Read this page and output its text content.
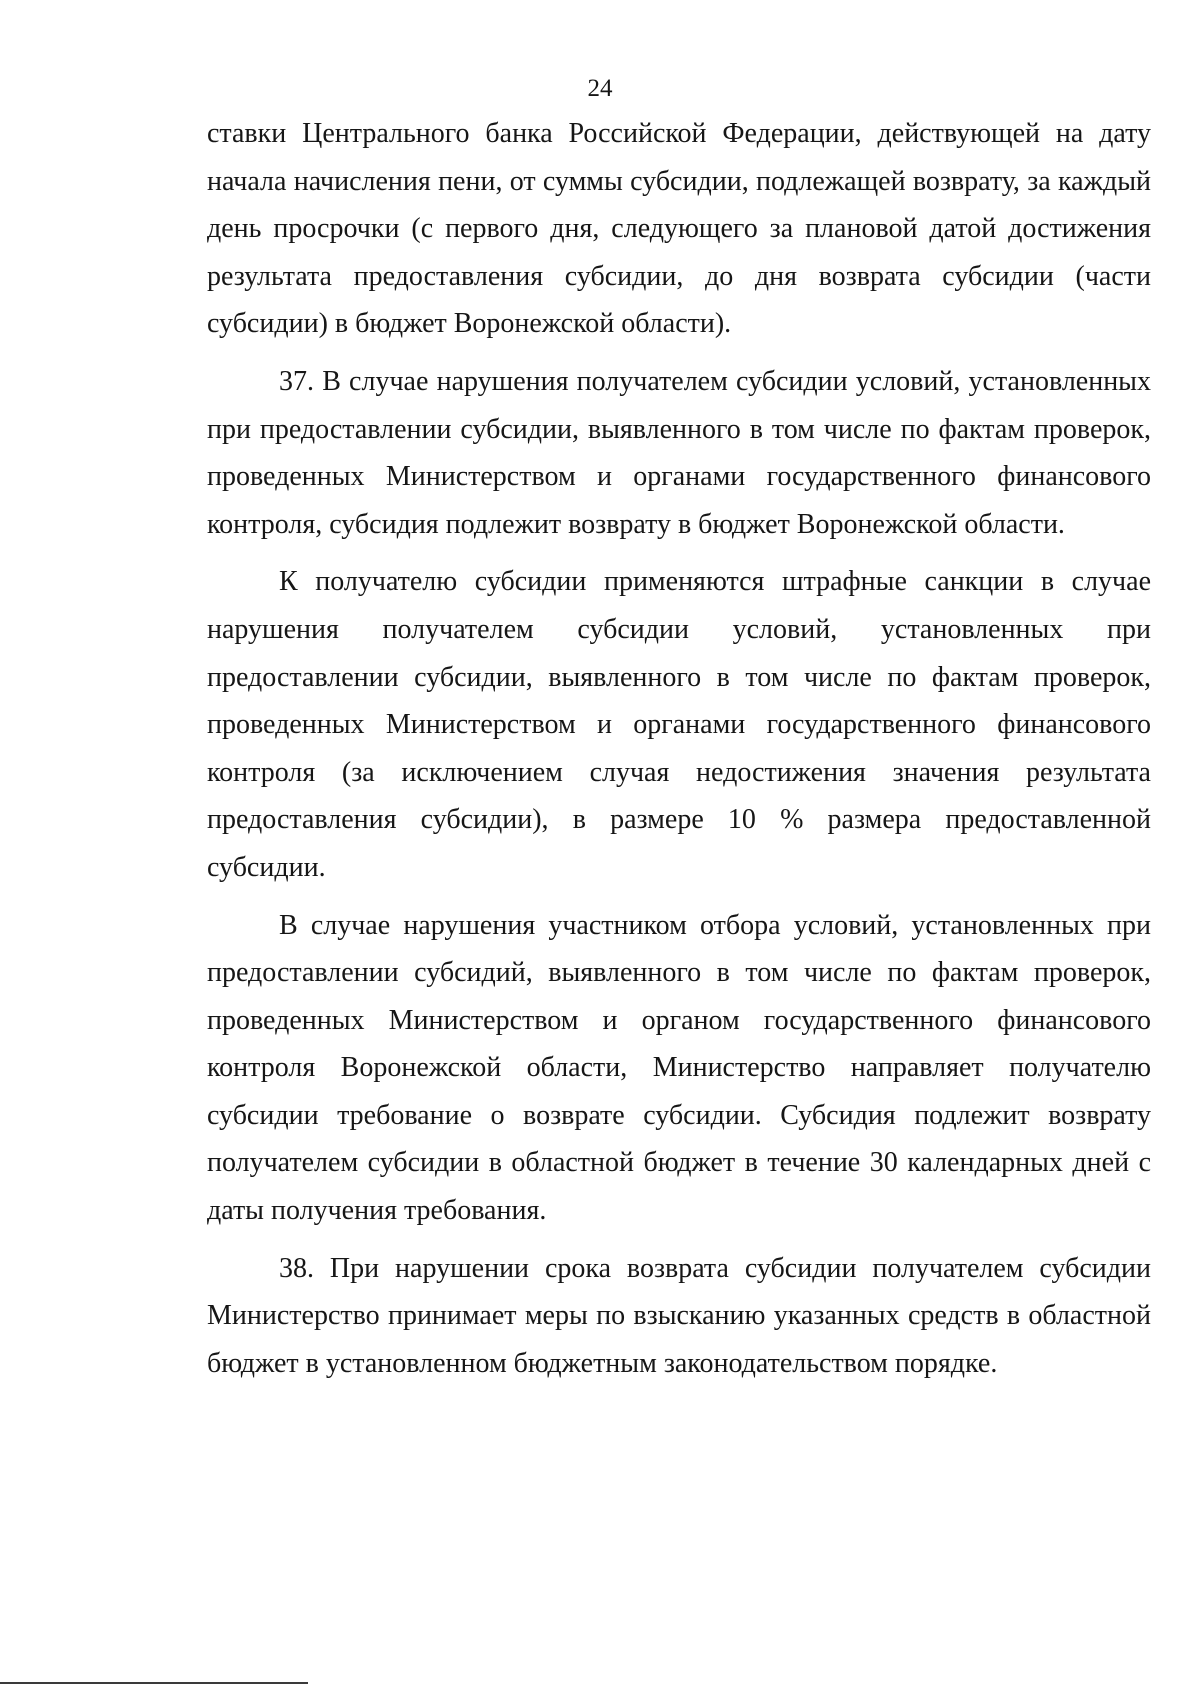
24

ставки Центрального банка Российской Федерации, действующей на дату начала начисления пени, от суммы субсидии, подлежащей возврату, за каждый день просрочки (с первого дня, следующего за плановой датой достижения результата предоставления субсидии, до дня возврата субсидии (части субсидии) в бюджет Воронежской области).

37. В случае нарушения получателем субсидии условий, установленных при предоставлении субсидии, выявленного в том числе по фактам проверок, проведенных Министерством и органами государственного финансового контроля, субсидия подлежит возврату в бюджет Воронежской области.

К получателю субсидии применяются штрафные санкции в случае нарушения получателем субсидии условий, установленных при предоставлении субсидии, выявленного в том числе по фактам проверок, проведенных Министерством и органами государственного финансового контроля (за исключением случая недостижения значения результата предоставления субсидии), в размере 10 % размера предоставленной субсидии.

В случае нарушения участником отбора условий, установленных при предоставлении субсидий, выявленного в том числе по фактам проверок, проведенных Министерством и органом государственного финансового контроля Воронежской области, Министерство направляет получателю субсидии требование о возврате субсидии. Субсидия подлежит возврату получателем субсидии в областной бюджет в течение 30 календарных дней с даты получения требования.

38. При нарушении срока возврата субсидии получателем субсидии Министерство принимает меры по взысканию указанных средств в областной бюджет в установленном бюджетным законодательством порядке.
